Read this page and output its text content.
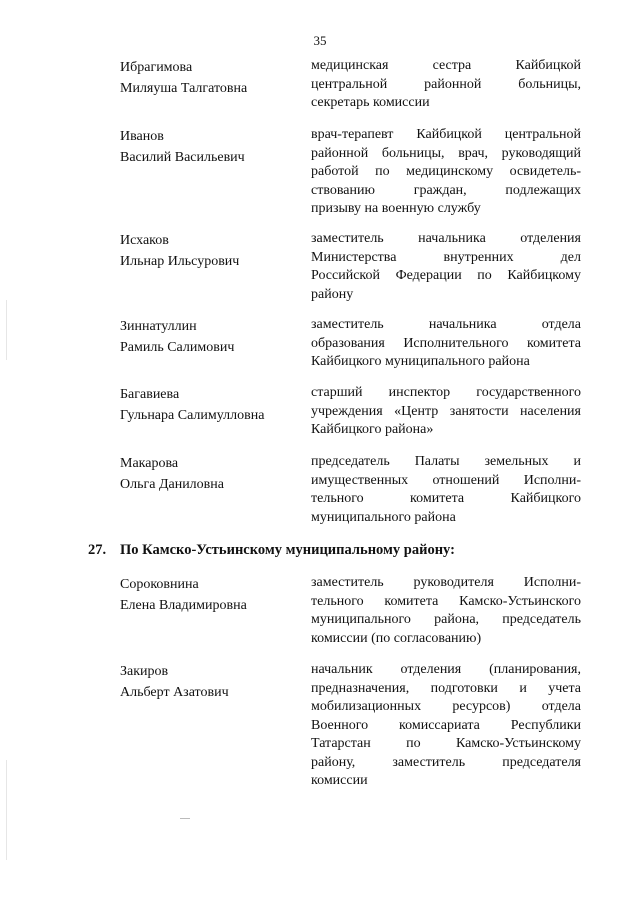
35
Ибрагимова
Миляуша Талгатовна
медицинская сестра Кайбицкой
центральной районной больницы,
секретарь комиссии
Иванов
Василий Васильевич
врач-терапевт Кайбицкой центральной
районной больницы, врач, руководящий
работой по медицинскому освидетель-
ствованию граждан, подлежащих
призыву на военную службу
Исхаков
Ильнар Ильсурович
заместитель начальника отделения
Министерства внутренних дел
Российской Федерации по Кайбицкому
району
Зиннатуллин
Рамиль Салимович
заместитель начальника отдела
образования Исполнительного комитета
Кайбицкого муниципального района
Багавиева
Гульнара Салимулловна
старший инспектор государственного
учреждения «Центр занятости населения
Кайбицкого района»
Макарова
Ольга Даниловна
председатель Палаты земельных и
имущественных отношений Исполни-
тельного комитета Кайбицкого
муниципального района
27. По Камско-Устьинскому муниципальному району:
Сороковнина
Елена Владимировна
заместитель руководителя Исполни-
тельного комитета Камско-Устьинского
муниципального района, председатель
комиссии (по согласованию)
Закиров
Альберт Азатович
начальник отделения (планирования,
предназначения, подготовки и учета
мобилизационных ресурсов) отдела
Военного комиссариата Республики
Татарстан по Камско-Устьинскому
району, заместитель председателя
комиссии
